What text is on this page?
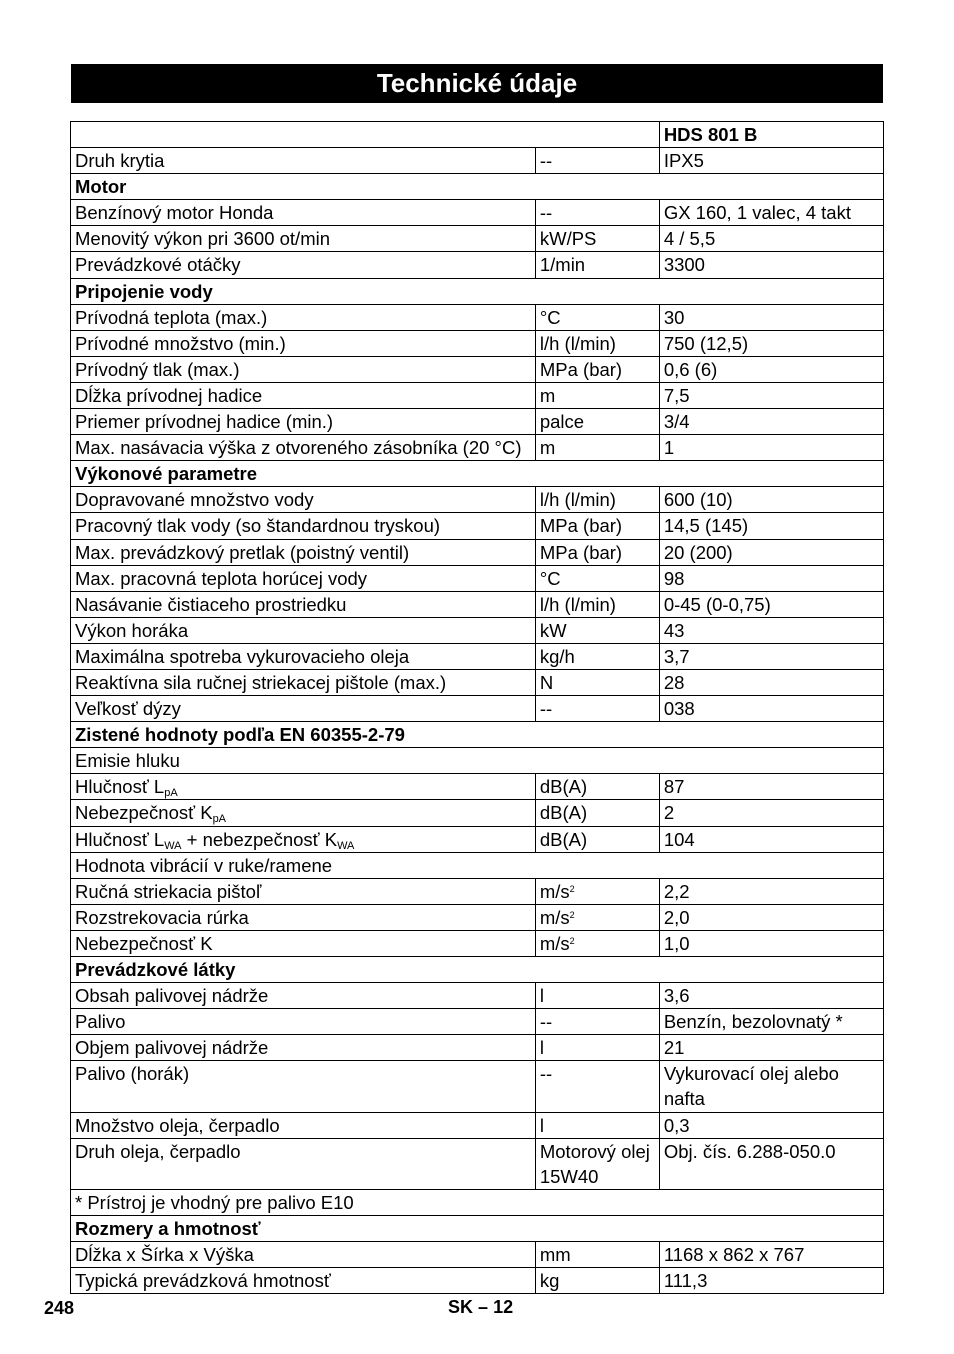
Technické údaje
		HDS 801 B
Druh krytia	--	IPX5
Motor		
Benzínový motor Honda	--	GX 160, 1 valec, 4 takt
Menovitý výkon pri 3600 ot/min	kW/PS	4 / 5,5
Prevádzkové otáčky	1/min	3300
Pripojenie vody		
Prívodná teplota (max.)	°C	30
Prívodné množstvo (min.)	l/h (l/min)	750 (12,5)
Prívodný tlak (max.)	MPa (bar)	0,6 (6)
Dĺžka prívodnej hadice	m	7,5
Priemer prívodnej hadice (min.)	palce	3/4
Max. nasávacia výška z otvoreného zásobníka (20 °C)	m	1
Výkonové parametre		
Dopravované množstvo vody	l/h (l/min)	600 (10)
Pracovný tlak vody (so štandardnou tryskou)	MPa (bar)	14,5 (145)
Max. prevádzkový pretlak (poistný ventil)	MPa (bar)	20 (200)
Max. pracovná teplota horúcej vody	°C	98
Nasávanie čistiaceho prostriedku	l/h (l/min)	0-45 (0-0,75)
Výkon horáka	kW	43
Maximálna spotreba vykurovacieho oleja	kg/h	3,7
Reaktívna sila ručnej striekacej pištole (max.)	N	28
Veľkosť dýzy	--	038
Zistené hodnoty podľa EN 60355-2-79		
Emisie hluku		
Hlučnosť $L_{pA}$	dB(A)	87
Nebezpečnosť $K_{pA}$	dB(A)	2
Hlučnosť $L_{WA}$ + nebezpečnosť $K_{WA}$	dB(A)	104
Hodnota vibrácií v ruke/ramene		
Ručná striekacia pištoľ	$m/s^2$	2,2
Rozstrekovacia rúrka	$m/s^2$	2,0
Nebezpečnosť K	$m/s^2$	1,0
Prevádzkové látky		
Obsah palivovej nádrže	l	3,6
Palivo	--	Benzín, bezolovnatý *
Objem palivovej nádrže	l	21
Palivo (horák)	--	Vykurovací olej alebo nafta
Množstvo oleja, čerpadlo	l	0,3
Druh oleja, čerpadlo	Motorový olej 15W40	Obj. čís. 6.288-050.0
* Prístroj je vhodný pre palivo E10		
Rozmery a hmotnosť		
Dĺžka x Šírka x Výška	mm	1168 x 862 x 767
Typická prevádzková hmotnosť	kg	111,3
248	SK – 12
